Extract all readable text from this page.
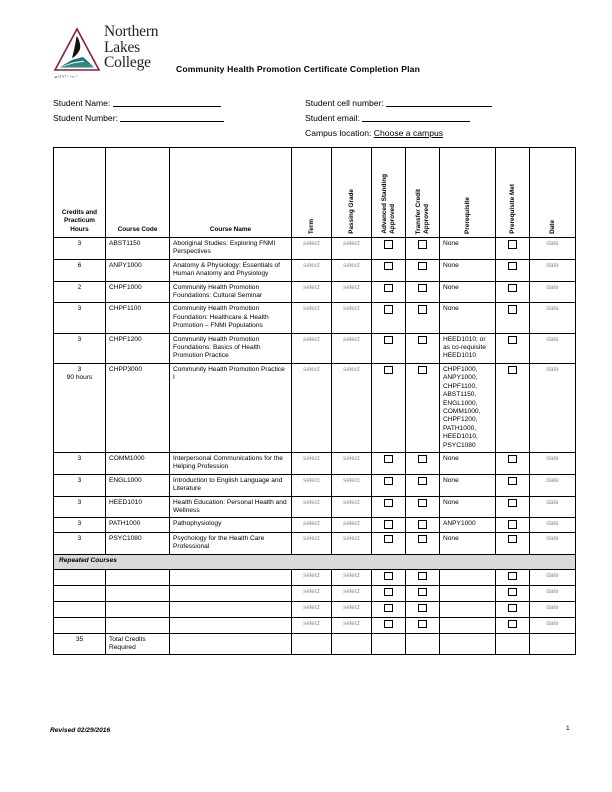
Northern
Lakes
College
ᓄᐊᖬᕐᐣ ᓓᐠᐢ
Community Health Promotion Certificate Completion Plan
Student Name:
Student Number:
Student cell number:
Student email:
Campus location: Choose a campus
Credits and
Practicum
Hours	Course Code	Course Name	Term	Passing Grade	Advanced Standing Approved	Transfer Credit Approved	Prerequisite	Prerequisite Met	Date

3	ABST1150	Aboriginal Studies: Exploring FNMI Perspectives	select	select			None		date
6	ANPY1000	Anatomy & Physiology: Essentials of Human Anatomy and Physiology	select	select			None		date
2	CHPF1000	Community Health Promotion Foundations: Cultural Seminar	select	select			None		date
3	CHPF1100	Community Health Promotion Foundation: Healthcare & Health Promotion – FNMI Populations	select	select			None		date
3	CHPF1200	Community Health Promotion Foundations: Basics of Health Promotion Practice	select	select			HEED1010; or as co-requisite HEED1010		date

3
90 hours	CHPP3000	Community Health Promotion Practice I	select	select			CHPF1000, ANPY1000, CHPF1100, ABST1150, ENGL1000, COMM1000, CHPF1200, PATH1000, HEED1010, PSYC1080		date
3	COMM1000	Interpersonal Communications for the Helping Profession	select	select			None		date
3	ENGL1000	Introduction to English Language and Literature	select	select			None		date
3	HEED1010	Health Education: Personal Health and Wellness	select	select			None		date
3	PATH1000	Pathophysiology	select	select			ANPY1000		date
3	PSYC1080	Psychology for the Health Care Professional	select	select			None		date
Repeated Courses									
			select	select					date
			select	select					date
			select	select					date
			select	select					date
35	Total Credits Required								
Revised 02/29/2016	1
